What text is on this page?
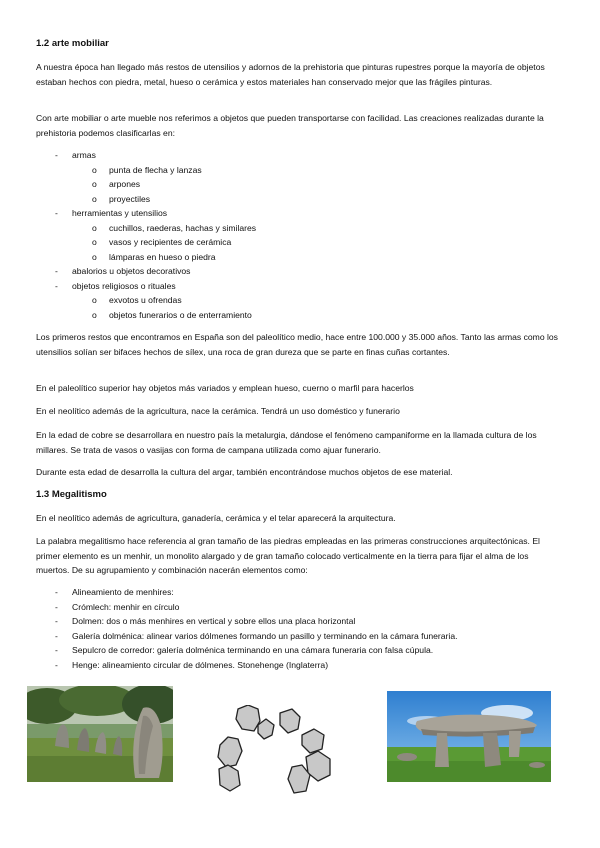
1.2 arte mobiliar
A nuestra época han llegado más restos de utensilios y adornos de la prehistoria que pinturas rupestres porque la mayoría de objetos estaban hechos con piedra, metal, hueso o cerámica y estos materiales han conservado mejor que las frágiles pinturas.
Con arte mobiliar o arte mueble nos referimos a objetos que pueden transportarse con facilidad. Las creaciones realizadas durante la prehistoria podemos clasificarlas en:
- armas
o punta de flecha y lanzas
o arpones
o proyectiles
- herramientas y utensilios
o cuchillos, raederas, hachas y similares
o vasos y recipientes de cerámica
o lámparas en hueso o piedra
- abalorios u objetos decorativos
- objetos religiosos o rituales
o exvotos u ofrendas
o objetos funerarios o de enterramiento
Los primeros restos que encontramos en España son del paleolítico medio, hace entre 100.000 y 35.000 años. Tanto las armas como los utensilios solían ser bifaces hechos de sílex, una roca de gran dureza que se parte en finas cuñas cortantes.
En el paleolítico superior hay objetos más variados y emplean hueso, cuerno o marfil para hacerlos
En el neolítico además de la agricultura, nace la cerámica. Tendrá un uso doméstico y funerario
En la edad de cobre se desarrollara en nuestro país la metalurgia, dándose el fenómeno campaniforme en la llamada cultura de los millares. Se trata de vasos o vasijas con forma de campana utilizada como ajuar funerario.
Durante esta edad de desarrolla la cultura del argar, también encontrándose muchos objetos de ese material.
1.3 Megalitismo
En el neolítico además de agricultura, ganadería, cerámica y el telar aparecerá la arquitectura.
La palabra megalitismo hace referencia al gran tamaño de las piedras empleadas en las primeras construcciones arquitectónicas. El primer elemento es un menhir, un monolito alargado y de gran tamaño colocado verticalmente en la tierra para fijar el alma de los muertos. De su agrupamiento y combinación nacerán elementos como:
- Alineamiento de menhires:
- Crómlech: menhir en círculo
- Dolmen: dos o más menhires en vertical y sobre ellos una placa horizontal
- Galería dolménica: alinear varios dólmenes formando un pasillo y terminando en la cámara funeraria.
- Sepulcro de corredor: galería dolménica terminando en una cámara funeraria con falsa cúpula.
- Henge: alineamiento circular de dólmenes. Stonehenge (Inglaterra)
